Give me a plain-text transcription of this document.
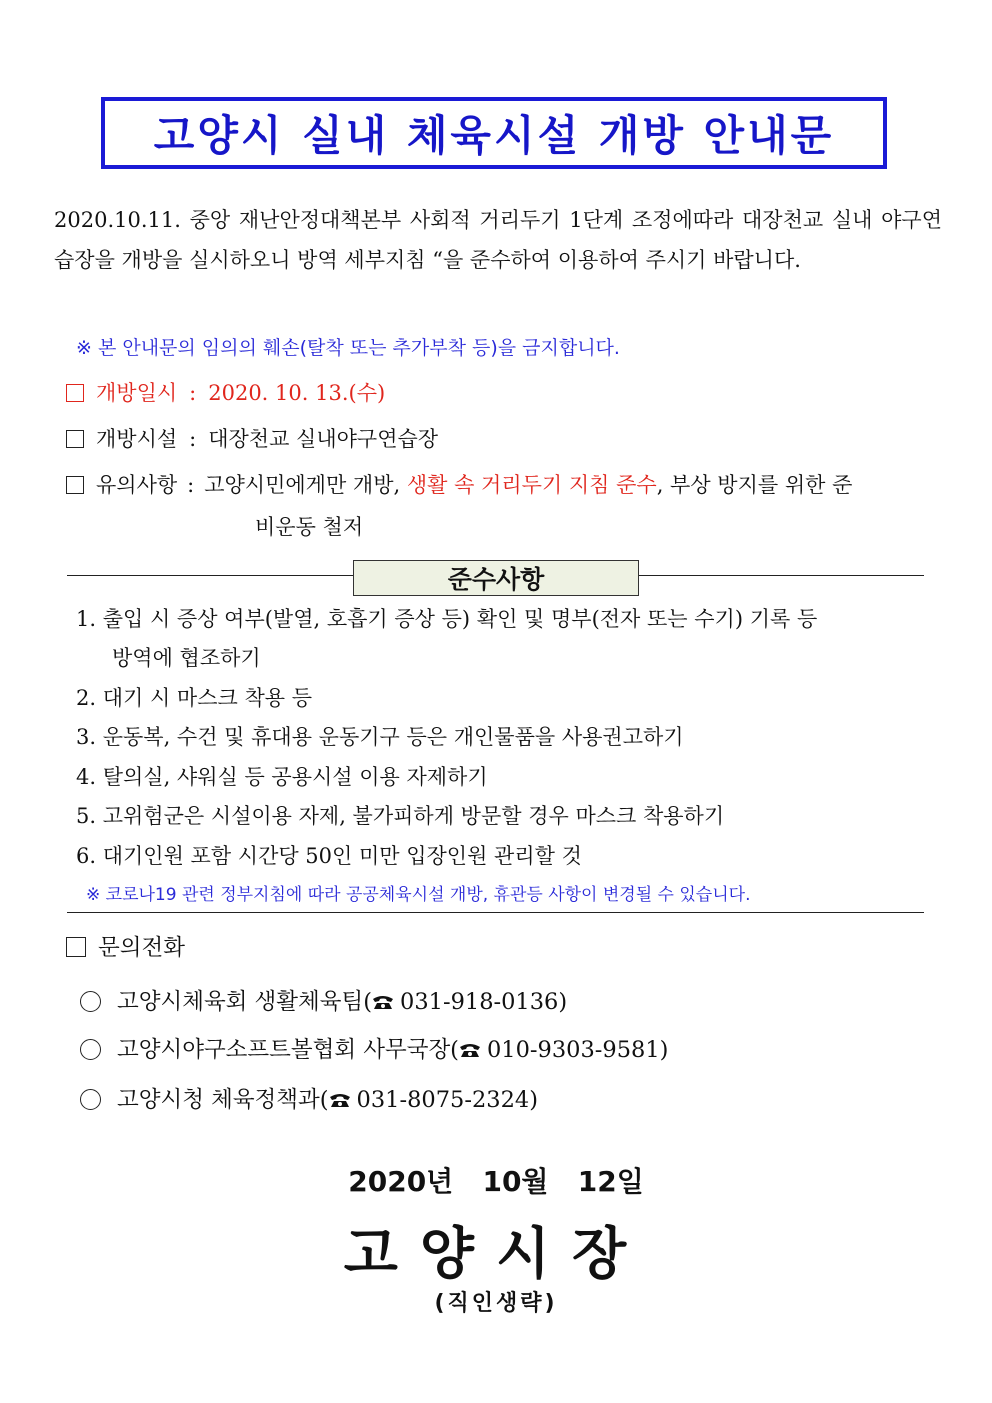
고양시 실내 체육시설 개방 안내문
2020.10.11. 중앙 재난안정대책본부 사회적 거리두기 1단계 조정에따라 대장천교 실내 야구연습장을 개방을 실시하오니 방역 세부지침 “을 준수하여 이용하여 주시기 바랍니다.
※ 본 안내문의 임의의 훼손(탈착 또는 추가부착 등)을 금지합니다.
개방일시 : 2020. 10. 13.(수)
개방시설 : 대장천교 실내야구연습장
유의사항 : 고양시민에게만 개방, 생활 속 거리두기 지침 준수, 부상 방지를 위한 준
비운동 철저
준수사항
1. 출입 시 증상 여부(발열, 호흡기 증상 등) 확인 및 명부(전자 또는 수기) 기록 등
방역에 협조하기
2. 대기 시 마스크 착용 등
3. 운동복, 수건 및 휴대용 운동기구 등은 개인물품을 사용권고하기
4. 탈의실, 샤워실 등 공용시설 이용 자제하기
5. 고위험군은 시설이용 자제, 불가피하게 방문할 경우 마스크 착용하기
6. 대기인원 포함 시간당 50인 미만 입장인원 관리할 것
※ 코로나19 관련 정부지침에 따라 공공체육시설 개방, 휴관등 사항이 변경될 수 있습니다.
문의전화
고양시체육회 생활체육팀( 031-918-0136)
고양시야구소프트볼협회 사무국장( 010-9303-9581)
고양시청 체육정책과( 031-8075-2324)
2020년   10월   12일
고양시장
(직인생략)
